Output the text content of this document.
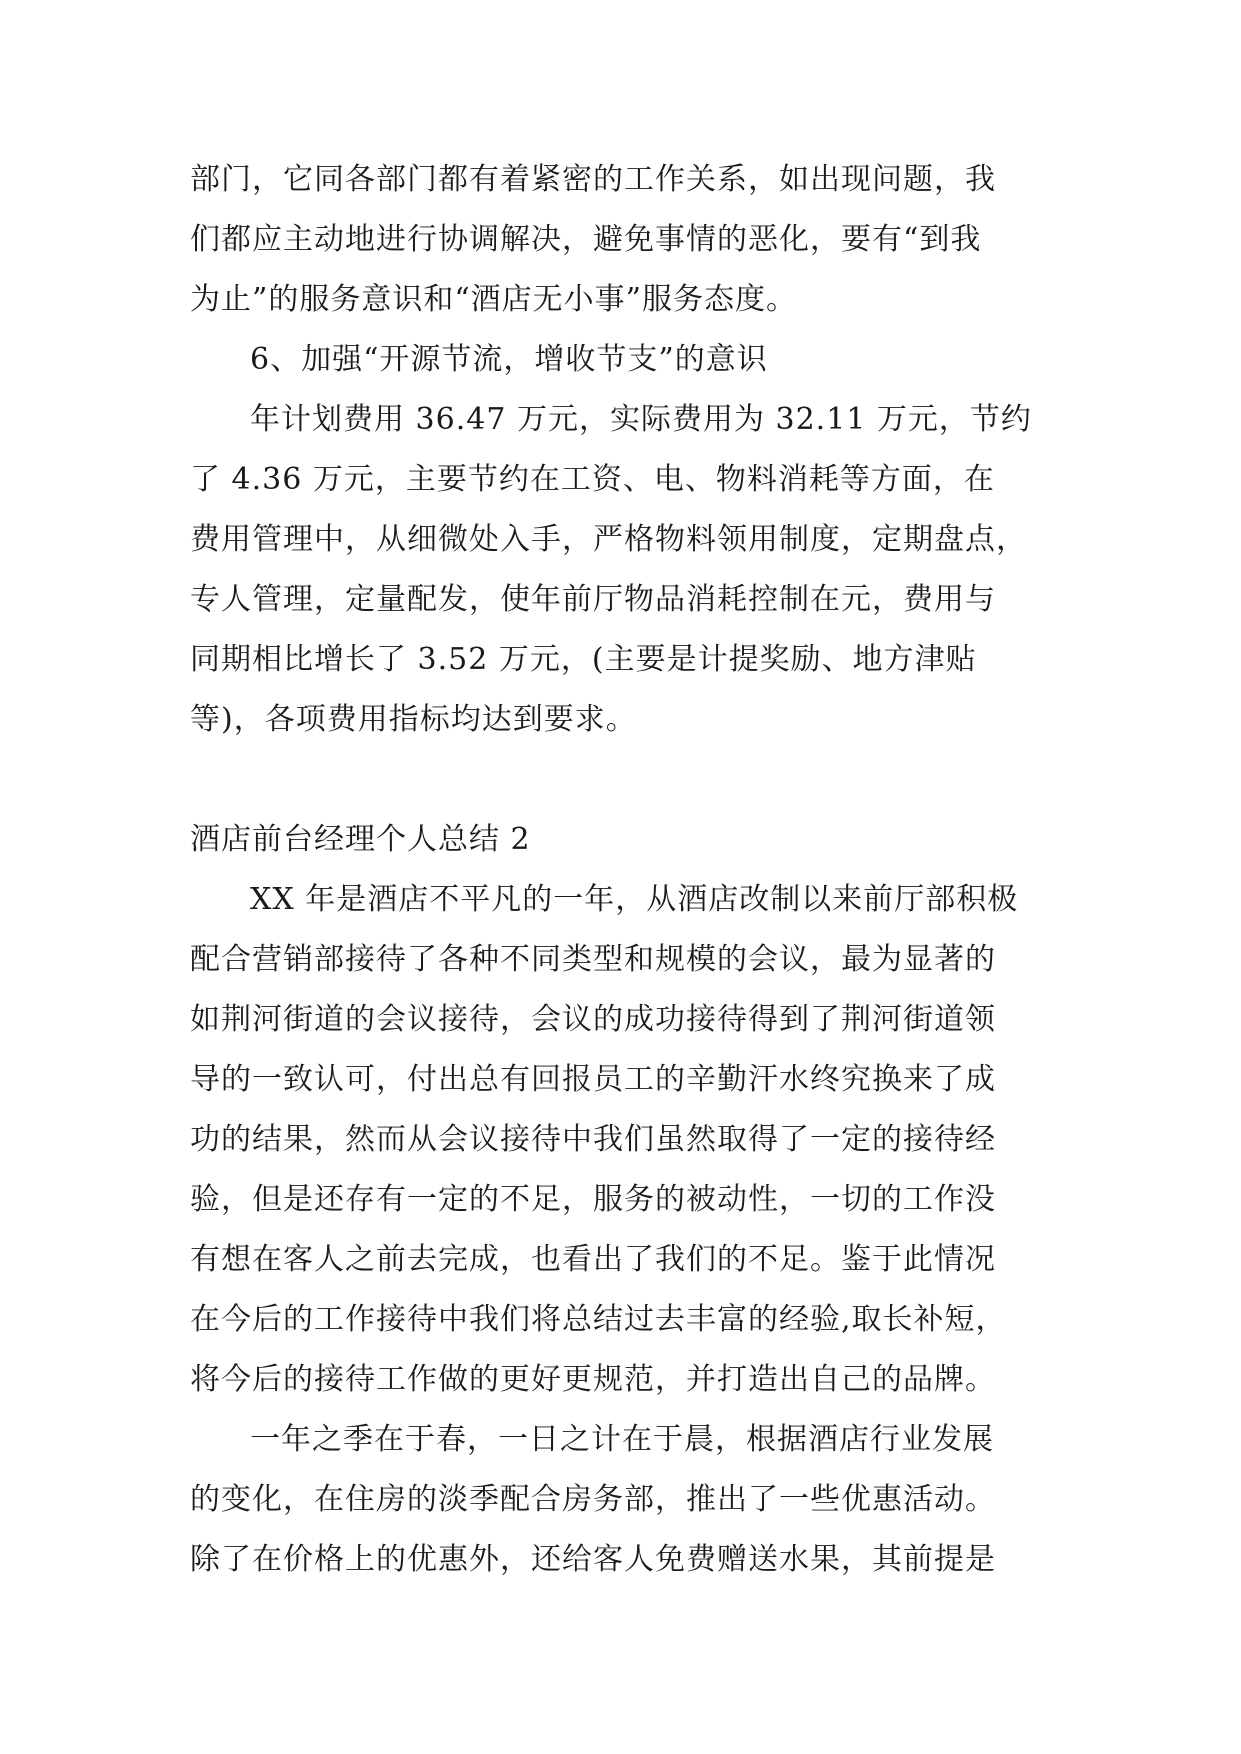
部门，它同各部门都有着紧密的工作关系，如出现问题，我
们都应主动地进行协调解决，避免事情的恶化，要有“到我
为止”的服务意识和“酒店无小事”服务态度。
6、加强“开源节流，增收节支”的意识
年计划费用 36.47 万元，实际费用为 32.11 万元，节约
了 4.36 万元，主要节约在工资、电、物料消耗等方面，在
费用管理中，从细微处入手，严格物料领用制度，定期盘点，
专人管理，定量配发，使年前厅物品消耗控制在元，费用与
同期相比增长了 3.52 万元，(主要是计提奖励、地方津贴
等)，各项费用指标均达到要求。
酒店前台经理个人总结 2
XX 年是酒店不平凡的一年，从酒店改制以来前厅部积极
配合营销部接待了各种不同类型和规模的会议，最为显著的
如荆河街道的会议接待，会议的成功接待得到了荆河街道领
导的一致认可，付出总有回报员工的辛勤汗水终究换来了成
功的结果，然而从会议接待中我们虽然取得了一定的接待经
验，但是还存有一定的不足，服务的被动性，一切的工作没
有想在客人之前去完成，也看出了我们的不足。鉴于此情况
在今后的工作接待中我们将总结过去丰富的经验,取长补短，
将今后的接待工作做的更好更规范，并打造出自己的品牌。
一年之季在于春，一日之计在于晨，根据酒店行业发展
的变化，在住房的淡季配合房务部，推出了一些优惠活动。
除了在价格上的优惠外，还给客人免费赠送水果，其前提是
